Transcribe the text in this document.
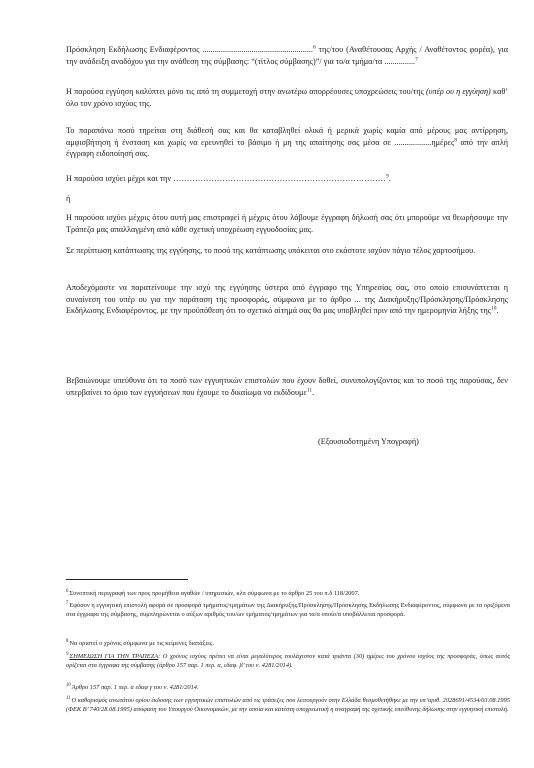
Πρόσκληση Εκδήλωσης Ενδιαφέροντος ......................................................$^6$ της/του (Αναθέτουσας Αρχής / Αναθέτοντος φορέα), για την ανάδειξη αναδόχου για την ανάθεση της σύμβασης: “(τίτλος σύμβασης)”/ για το/α τμήμα/τα ...............$^7$

Η παρούσα εγγύηση καλύπτει μόνο τις από τη συμμετοχή στην ανωτέρω απορρέουσες υποχρεώσεις του/της (υπέρ ου η εγγύηση) καθ’ όλο τον χρόνο ισχύος της.

Το παραπάνω ποσό τηρείται στη διάθεσή σας και θα καταβληθεί ολικά ή μερικά χωρίς καμία από μέρους μας αντίρρηση, αμφισβήτηση ή ένσταση και χωρίς να ερευνηθεί το βάσιμο ή μη της απαίτησης σας μέσα σε ..................ημέρες$^8$ από την απλή έγγραφη ειδοποίησή σας.

Η παρούσα ισχύει μέχρι και την ……………………………………………………………………$^9$.

ή

Η παρούσα ισχύει μέχρις ότου αυτή μας επιστραφεί ή μέχρις ότου λάβουμε έγγραφη δήλωσή σας ότι μπορούμε να θεωρήσουμε την Τράπεζα μας απαλλαγμένη από κάθε σχετική υποχρέωση εγγυοδοσίας μας.

Σε περίπτωση κατάπτωσης της εγγύησης, το ποσό της κατάπτωσης υπόκειται στο εκάστοτε ισχύον πάγιο τέλος χαρτοσήμου.

Αποδεχόμαστε να παρατείνουμε την ισχύ της εγγύησης ύστερα από έγγραφο της Υπηρεσίας σας, στο οποίο επισυνάπτεται η συναίνεση του υπέρ ου για την παράταση της προσφοράς, σύμφωνα με το άρθρο ... της Διακήρυξης/Πρόσκλησης/Πρόσκλησης Εκδήλωσης Ενδιαφέροντος, με την προϋπόθεση ότι το σχετικό αίτημά σας θα μας υποβληθεί πριν από την ημερομηνία λήξης της$^{10}$.

Βεβαιώνουμε υπεύθυνα ότι το ποσό των εγγυητικών επιστολών που έχουν δοθεί, συνυπολογίζοντας και το ποσό της παρούσας, δεν υπερβαίνει το όριο των εγγυήσεων που έχουμε το δικαίωμα να εκδίδουμε$^{11}$.

(Εξουσιοδοτημένη Υπογραφή)

$^6$Συνοπτική περιγραφή των προς προμήθεια αγαθών / υπηρεσιών, κλπ σύμφωνα με το άρθρο 25 του π.δ 118/2007.

$^7$Εφόσον η εγγυητική επιστολή αφορά σε προσφορά τμήματος/τμημάτων της Διακήρυξης/Πρόσκλησης/Πρόσκλησης Εκδήλωσης Ενδιαφέροντος, σύμφωνα με τα οριζόμενα στα έγγραφα της σύμβασης, συμπληρώνεται ο αύξων αριθμός του/ων τμήματος/τμημάτων για τα/α οποίο/α υποβάλλεται προσφορά.

$^8$Να οριστεί ο χρόνος σύμφωνα με τις κείμενες διατάξεις.

$^9$ΣΗΜΕΙΩΣΗ ΓΙΑ ΤΗΝ ΤΡΑΠΕΖΑ: Ο χρόνος ισχύος πρέπει να είναι μεγαλύτερος τουλάχιστον κατά τριάντα (30) ημέρες του χρόνου ισχύος της προσφοράς, όπως αυτός ορίζεται στα έγγραφα της σύμβασης (άρθρο 157 παρ. 1 περ. α, εδαφ. β’ του ν. 4281/2014).

$^{10}$Άρθρο 157 παρ. 1 περ. α εδαφ γ του ν. 4281/2014.

$^{11}$Ο καθορισμός ανωτάτου ορίου έκδοσης των εγγυητικών επιστολών από τις τράπεζες που λειτουργούν στην Ελλάδα θεσμοθετήθηκε με την υπ’αριθ. 2028691/4534/03.08.1995 (ΦΕΚ Β’ 740/28.08.1995) απόφαση του Υπουργού Οικονομικών, με την οποία και κατέστη υποχρεωτική η αναγραφή της σχετικής υπεύθυνης δήλωσης στην εγγυητική επιστολή.
